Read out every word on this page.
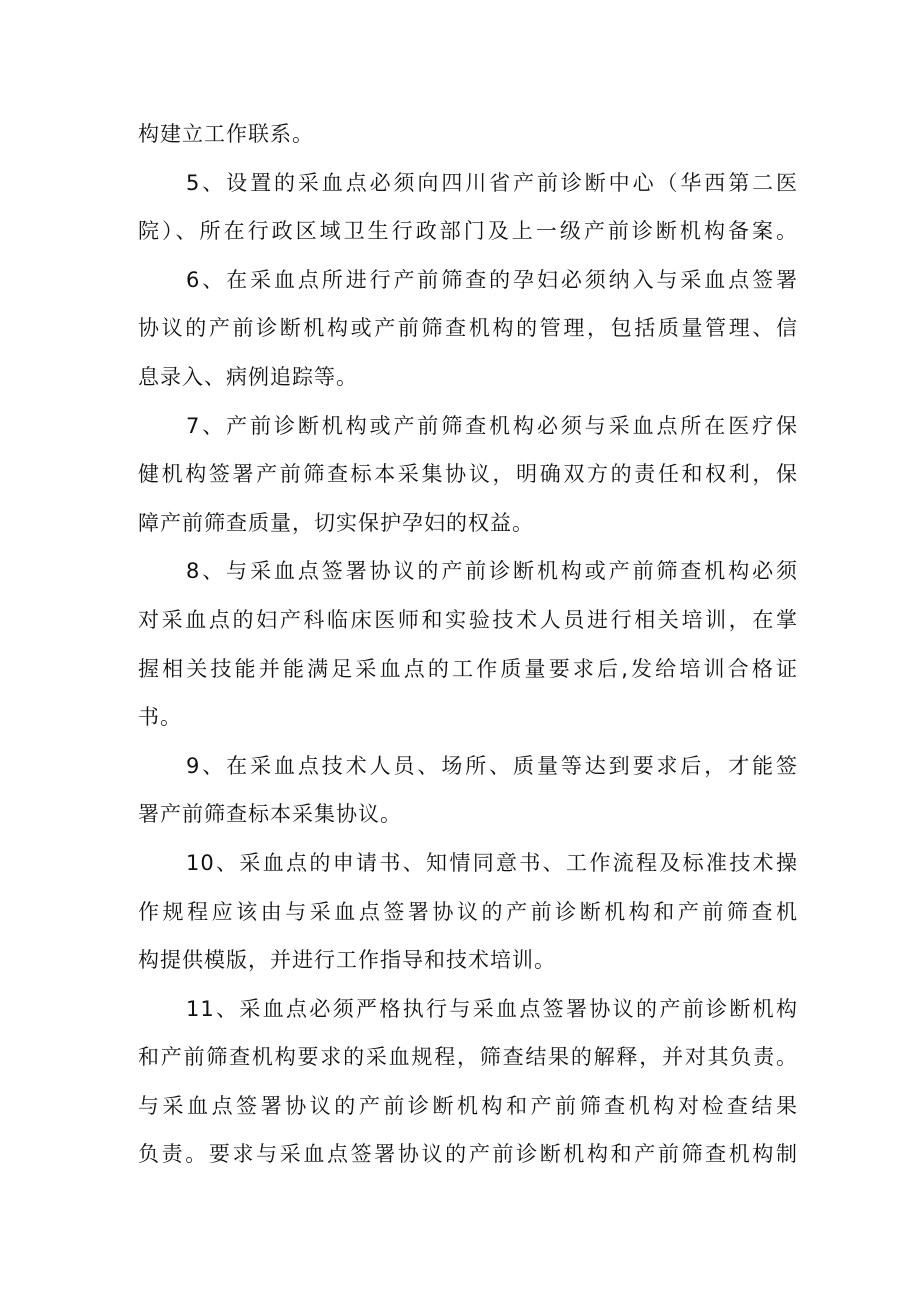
构建立工作联系。
5、设置的采血点必须向四川省产前诊断中心（华西第二医
院）、所在行政区域卫生行政部门及上一级产前诊断机构备案。
6、在采血点所进行产前筛查的孕妇必须纳入与采血点签署
协议的产前诊断机构或产前筛查机构的管理，包括质量管理、信
息录入、病例追踪等。
7、产前诊断机构或产前筛查机构必须与采血点所在医疗保
健机构签署产前筛查标本采集协议，明确双方的责任和权利，保
障产前筛查质量，切实保护孕妇的权益。
8、与采血点签署协议的产前诊断机构或产前筛查机构必须
对采血点的妇产科临床医师和实验技术人员进行相关培训，在掌
握相关技能并能满足采血点的工作质量要求后,发给培训合格证
书。
9、在采血点技术人员、场所、质量等达到要求后，才能签
署产前筛查标本采集协议。
10、采血点的申请书、知情同意书、工作流程及标准技术操
作规程应该由与采血点签署协议的产前诊断机构和产前筛查机
构提供模版，并进行工作指导和技术培训。
11、采血点必须严格执行与采血点签署协议的产前诊断机构
和产前筛查机构要求的采血规程，筛查结果的解释，并对其负责。
与采血点签署协议的产前诊断机构和产前筛查机构对检查结果
负责。要求与采血点签署协议的产前诊断机构和产前筛查机构制
